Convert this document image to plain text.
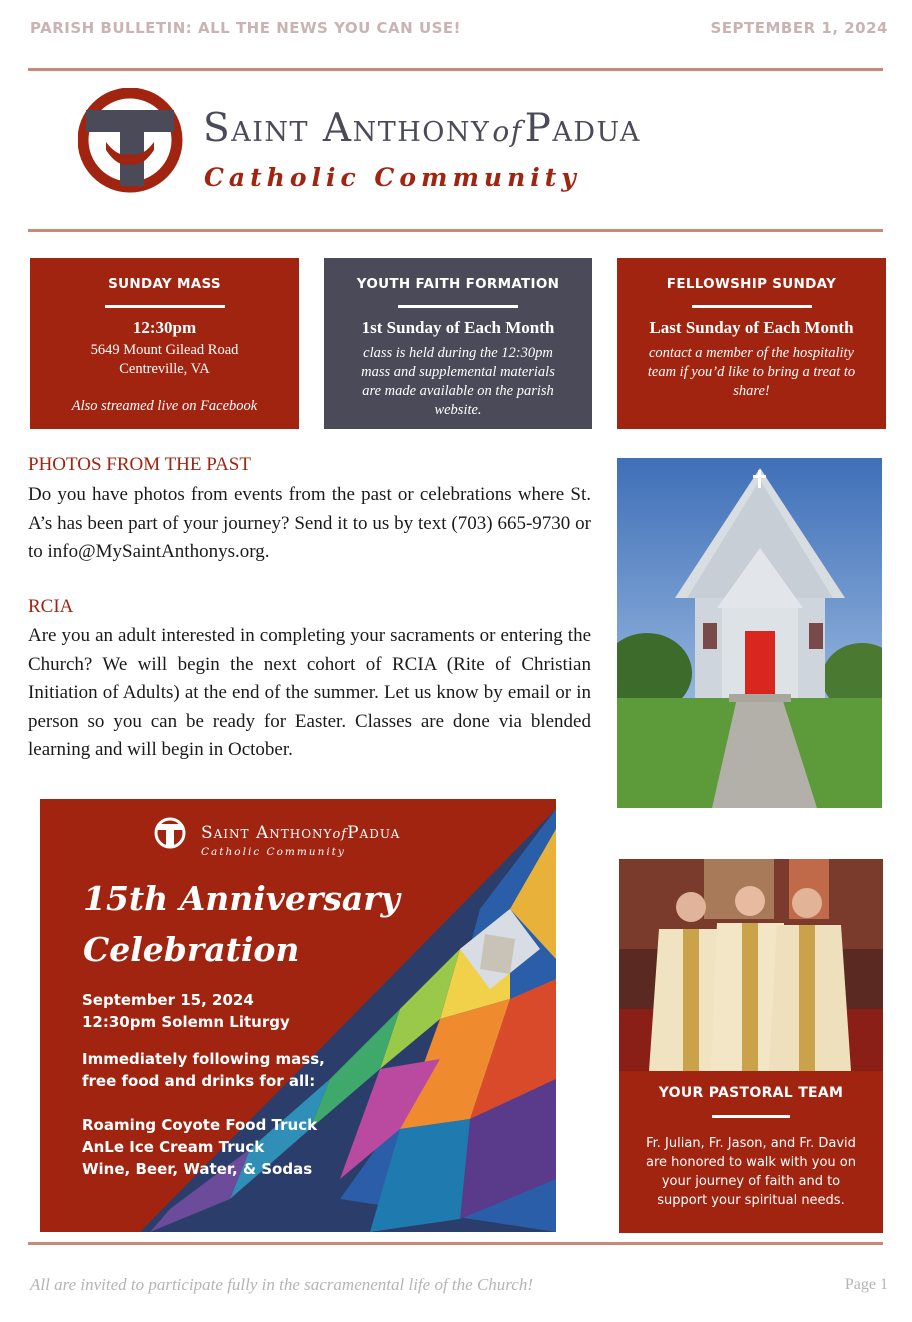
PARISH BULLETIN: ALL THE NEWS YOU CAN USE!	SEPTEMBER 1, 2024
Saint AnthonyofPadua
Catholic Community
SUNDAY MASS
12:30pm
5649 Mount Gilead Road
Centreville, VA
Also streamed live on Facebook
YOUTH FAITH FORMATION
1st Sunday of Each Month
class is held during the 12:30pm mass and supplemental materials are made available on the parish website.
FELLOWSHIP SUNDAY
Last Sunday of Each Month
contact a member of the hospitality team if you’d like to bring a treat to share!
PHOTOS FROM THE PAST
Do you have photos from events from the past or celebrations where St. A’s has been part of your journey? Send it to us by text (703) 665-9730 or to info@MySaintAnthonys.org.
RCIA
Are you an adult interested in completing your sacraments or entering the Church? We will begin the next cohort of RCIA (Rite of Christian Initiation of Adults) at the end of the summer. Let us know by email or in person so you can be ready for Easter. Classes are done via blended learning and will begin in October.
Saint AnthonyofPadua
Catholic Community
15th Anniversary
Celebration
September 15, 2024
12:30pm Solemn Liturgy
Immediately following mass,
free food and drinks for all:
Roaming Coyote Food Truck
AnLe Ice Cream Truck
Wine, Beer, Water, & Sodas
YOUR PASTORAL TEAM
Fr. Julian, Fr. Jason, and Fr. David are honored to walk with you on your journey of faith and to support your spiritual needs.
All are invited to participate fully in the sacramenental life of the Church!	Page 1
